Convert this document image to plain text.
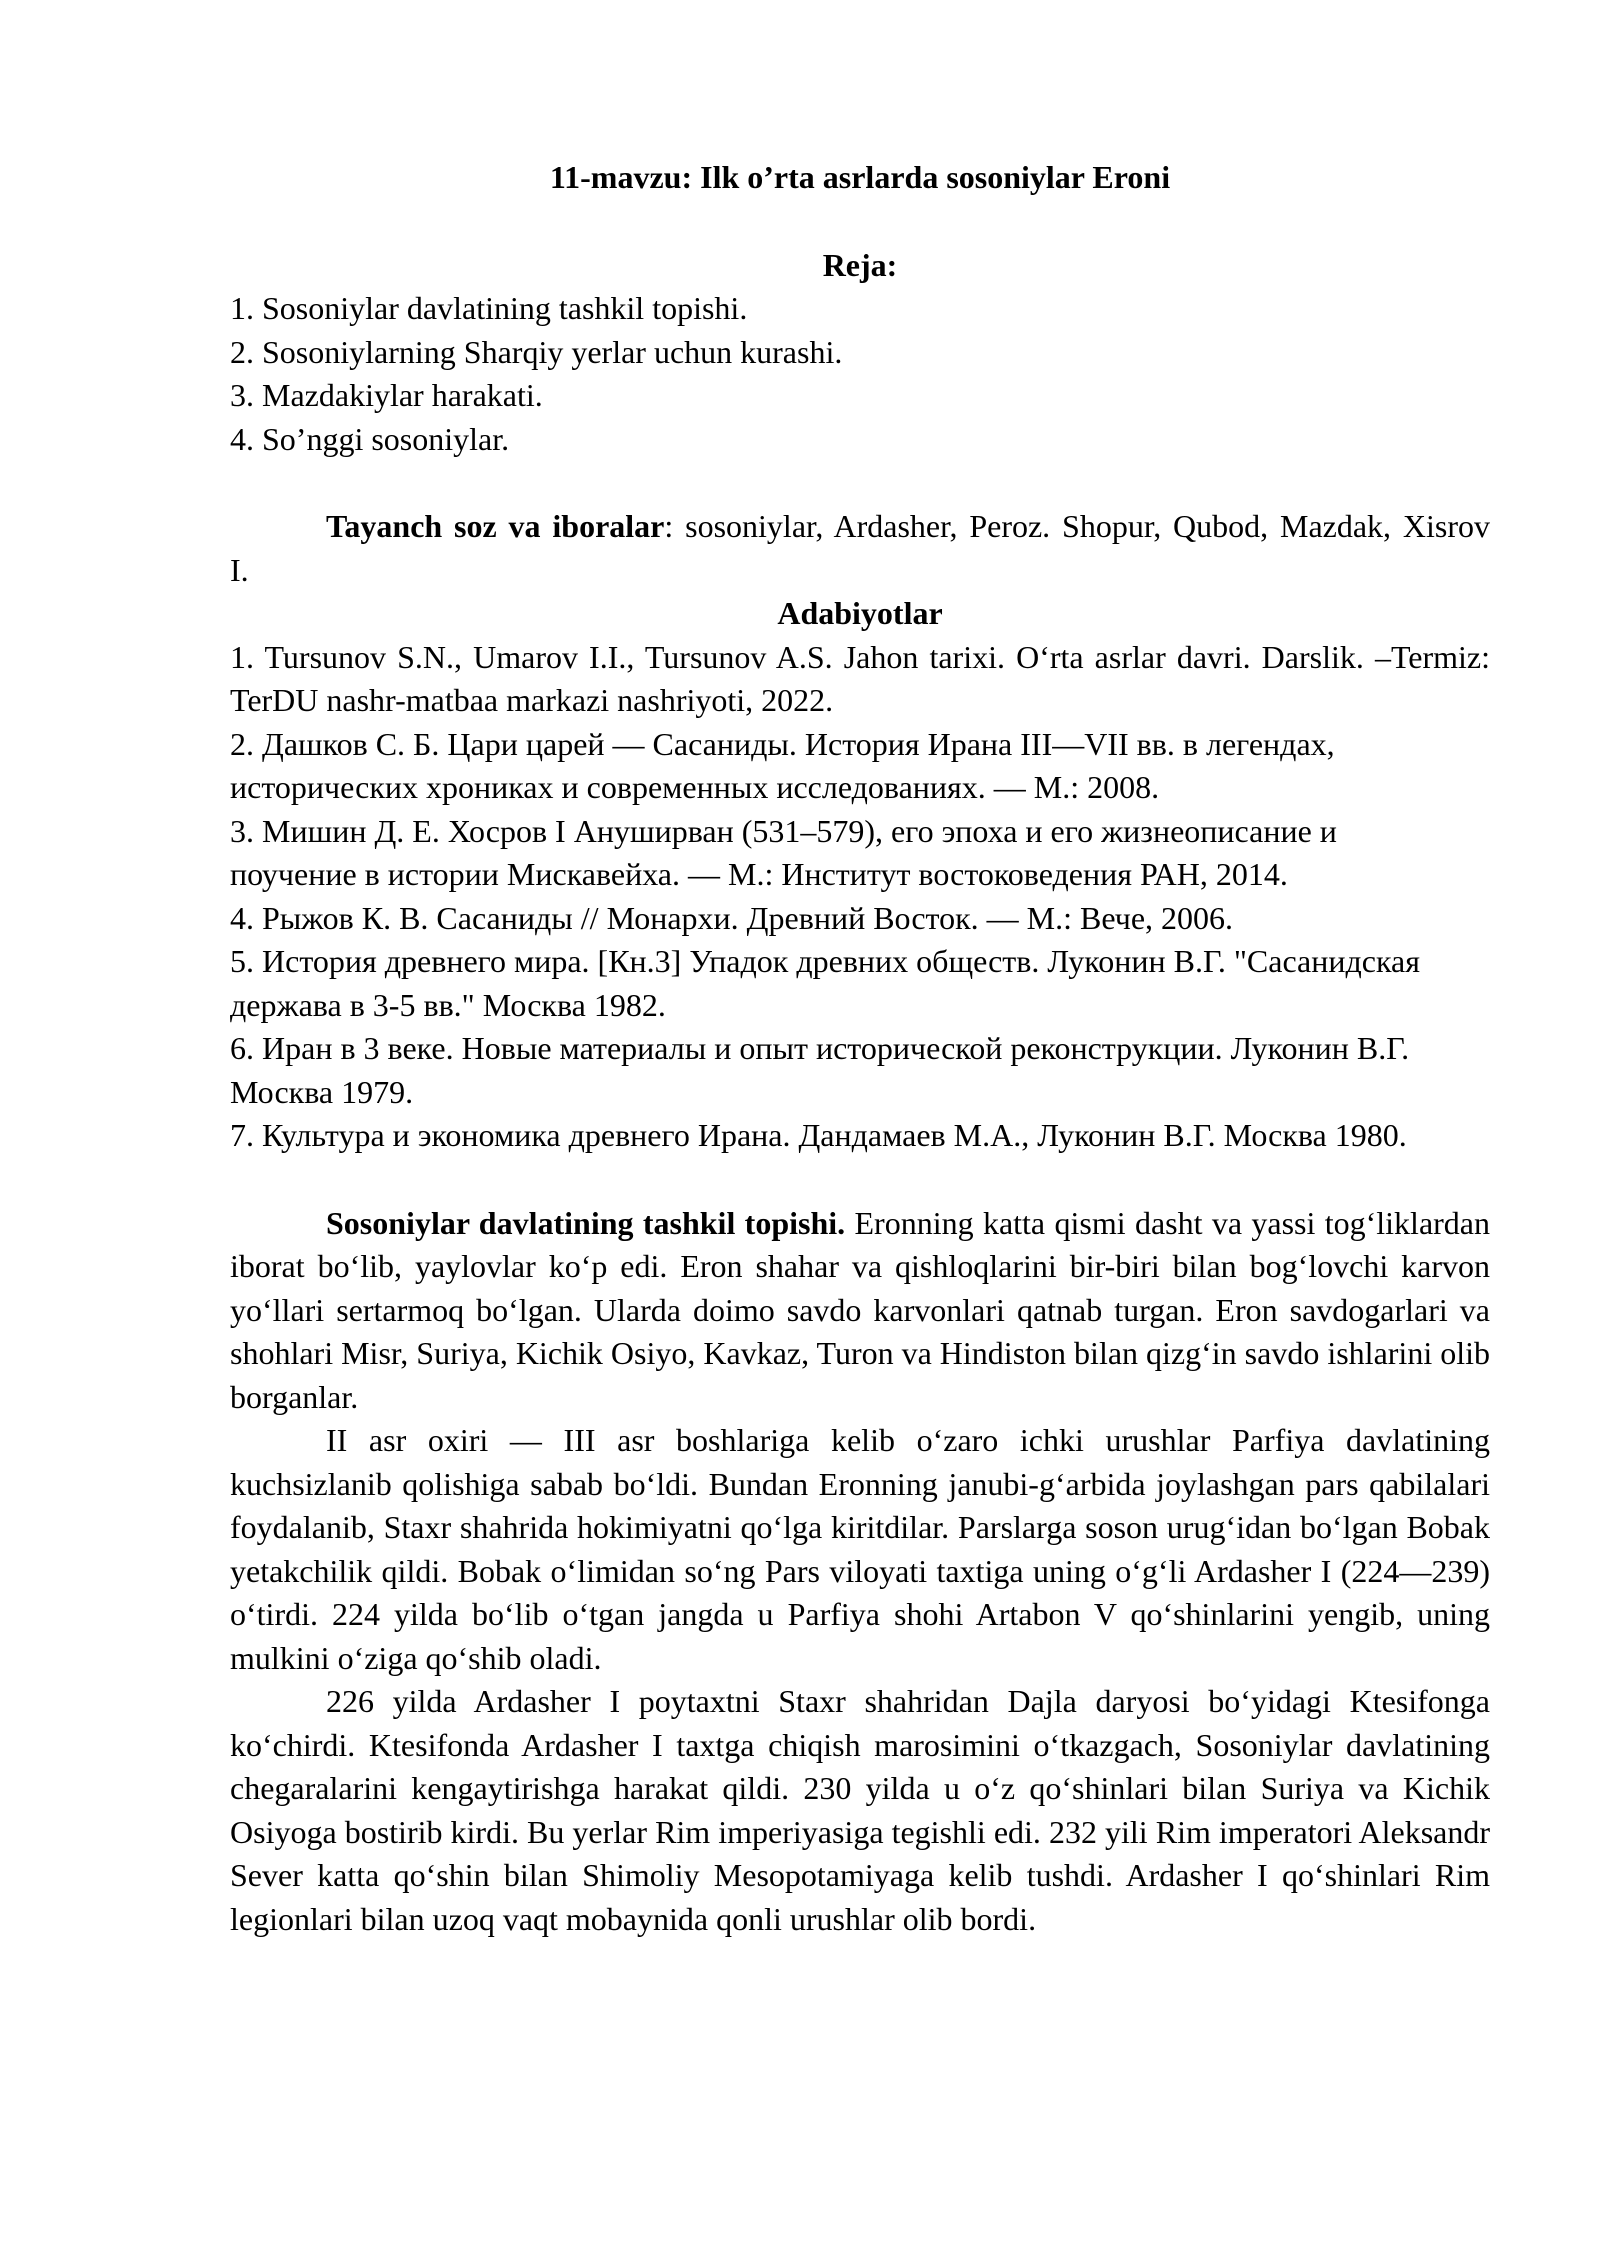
11-mavzu: Ilk o’rta asrlarda sosoniylar Eroni

Reja:

1. Sosoniylar davlatining tashkil topishi.

2. Sosoniylarning Sharqiy yerlar uchun kurashi.

3. Mazdakiylar harakati.

4. So’nggi sosoniylar.

Tayanch soz va iboralar: sosoniylar, Ardasher, Peroz. Shopur, Qubod, Mazdak, Xisrov I.

Adabiyotlar

1. Tursunov S.N., Umarov I.I., Tursunov A.S. Jahon tarixi. O‘rta asrlar davri. Darslik. –Termiz: TerDU nashr-matbaa markazi nashriyoti, 2022.

2. Дашков С. Б. Цари царей — Сасаниды. История Ирана III—VII вв. в легендах, исторических хрониках и современных исследованиях. — М.: 2008.

3. Мишин Д. Е. Хосров I Ануширван (531–579), его эпоха и его жизнеописание и поучение в истории Мискавейха. — М.: Институт востоковедения РАН, 2014.

4. Рыжов К. В. Сасаниды // Монархи. Древний Восток. — М.: Вече, 2006.

5. История древнего мира. [Кн.3] Упадок древних обществ. Луконин В.Г. "Сасанидская держава в 3-5 вв." Москва 1982.

6. Иран в 3 веке. Новые материалы и опыт исторической реконструкции. Луконин В.Г. Москва 1979.

7. Культура и экономика древнего Ирана. Дандамаев М.А., Луконин В.Г. Москва 1980.

Sosoniylar davlatining tashkil topishi. Eronning katta qismi dasht va yassi tog‘liklardan iborat bo‘lib, yaylovlar ko‘p edi. Eron shahar va qishloqlarini bir-biri bilan bog‘lovchi karvon yo‘llari sertarmoq bo‘lgan. Ularda doimo savdo karvonlari qatnab turgan. Eron savdogarlari va shohlari Misr, Suriya, Kichik Osiyo, Kavkaz, Turon va Hindiston bilan qizg‘in savdo ishlarini olib borganlar.

II asr oxiri — III asr boshlariga kelib o‘zaro ichki urushlar Parfiya davlatining kuchsizlanib qolishiga sabab bo‘ldi. Bundan Eronning janubi-g‘arbida joylashgan pars qabilalari foydalanib, Staxr shahrida hokimiyatni qo‘lga kiritdilar. Parslarga soson urug‘idan bo‘lgan Bobak yetakchilik qildi. Bobak o‘limidan so‘ng Pars viloyati taxtiga uning o‘g‘li Ardasher I (224—239) o‘tirdi. 224 yilda bo‘lib o‘tgan jangda u Parfiya shohi Artabon V qo‘shinlarini yengib, uning mulkini o‘ziga qo‘shib oladi.

226 yilda Ardasher I poytaxtni Staxr shahridan Dajla daryosi bo‘yidagi Ktesifonga ko‘chirdi. Ktesifonda Ardasher I taxtga chiqish marosimini o‘tkazgach, Sosoniylar davlatining chegaralarini kengaytirishga harakat qildi. 230 yilda u o‘z qo‘shinlari bilan Suriya va Kichik Osiyoga bostirib kirdi. Bu yerlar Rim imperiyasiga tegishli edi. 232 yili Rim imperatori Aleksandr Sever katta qo‘shin bilan Shimoliy Mesopotamiyaga kelib tushdi. Ardasher I qo‘shinlari Rim legionlari bilan uzoq vaqt mobaynida qonli urushlar olib bordi.
